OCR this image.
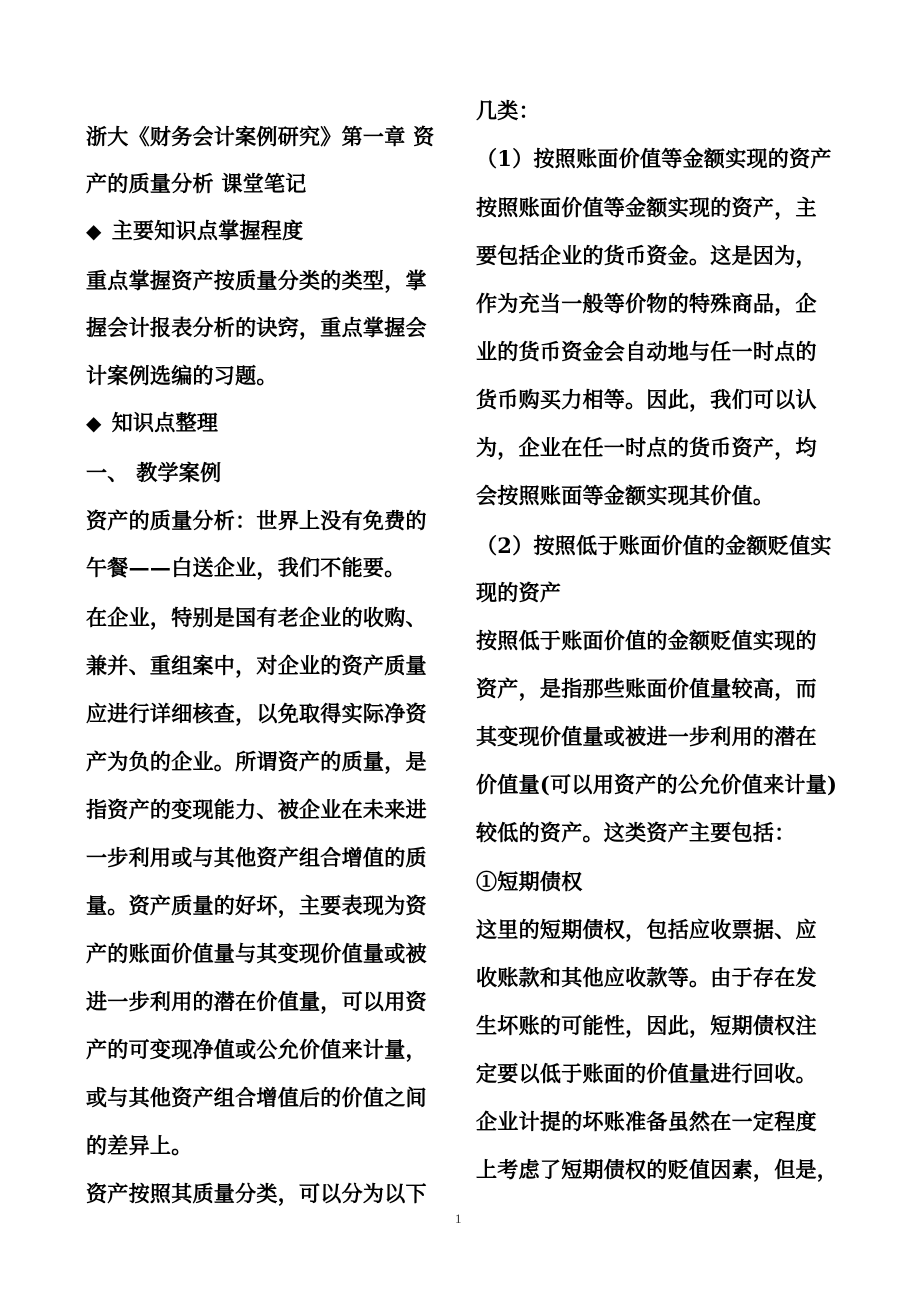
浙大《财务会计案例研究》第一章 资
产的质量分析 课堂笔记
◆ 主要知识点掌握程度
重点掌握资产按质量分类的类型，掌
握会计报表分析的诀窍，重点掌握会
计案例选编的习题。
◆ 知识点整理
一、 教学案例
资产的质量分析：世界上没有免费的
午餐——白送企业，我们不能要。
在企业，特别是国有老企业的收购、
兼并、重组案中，对企业的资产质量
应进行详细核查，以免取得实际净资
产为负的企业。所谓资产的质量，是
指资产的变现能力、被企业在未来进
一步利用或与其他资产组合增值的质
量。资产质量的好坏，主要表现为资
产的账面价值量与其变现价值量或被
进一步利用的潜在价值量，可以用资
产的可变现净值或公允价值来计量，
或与其他资产组合增值后的价值之间
的差异上。
资产按照其质量分类，可以分为以下
几类：
（1）按照账面价值等金额实现的资产
按照账面价值等金额实现的资产，主
要包括企业的货币资金。这是因为，
作为充当一般等价物的特殊商品，企
业的货币资金会自动地与任一时点的
货币购买力相等。因此，我们可以认
为，企业在任一时点的货币资产，均
会按照账面等金额实现其价值。
（2）按照低于账面价值的金额贬值实
现的资产
按照低于账面价值的金额贬值实现的
资产，是指那些账面价值量较高，而
其变现价值量或被进一步利用的潜在
价值量(可以用资产的公允价值来计量)
较低的资产。这类资产主要包括：
①短期债权
这里的短期债权，包括应收票据、应
收账款和其他应收款等。由于存在发
生坏账的可能性，因此，短期债权注
定要以低于账面的价值量进行回收。
企业计提的坏账准备虽然在一定程度
上考虑了短期债权的贬值因素，但是，
1
